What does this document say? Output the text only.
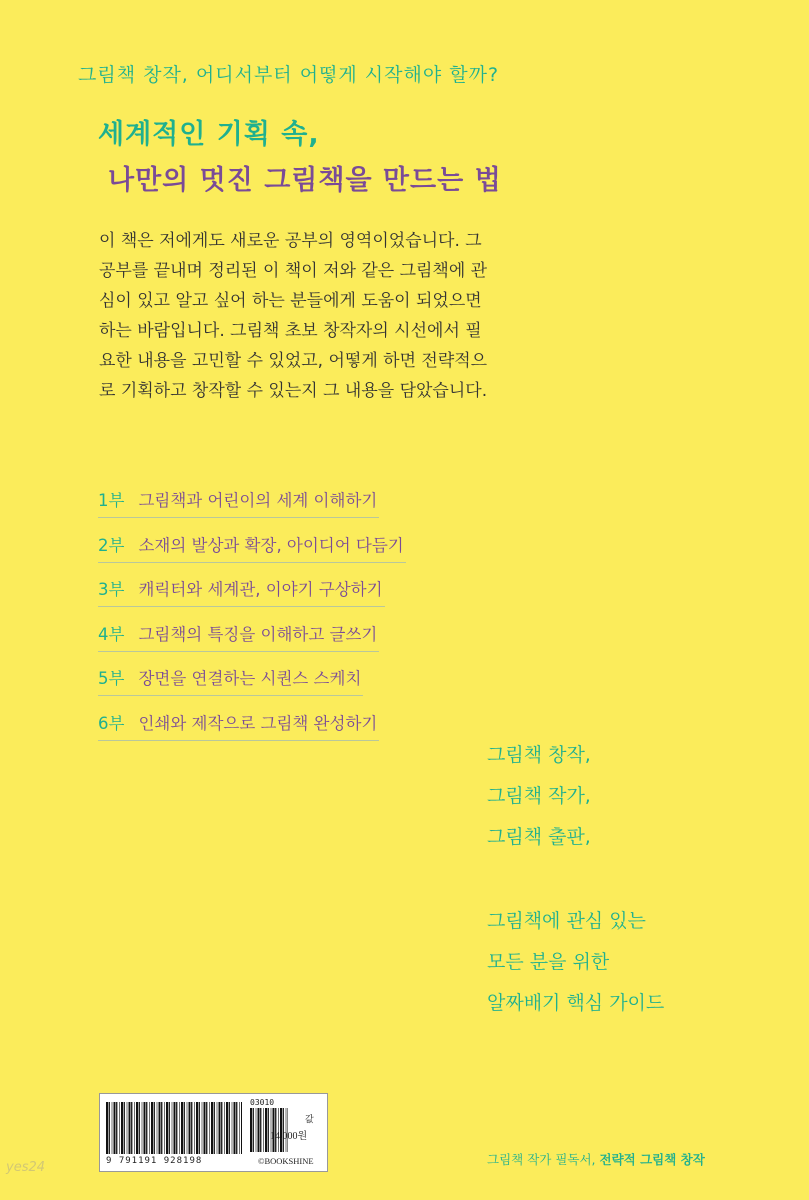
그림책 창작, 어디서부터 어떻게 시작해야 할까?
세계적인 기획 속,
나만의 멋진 그림책을 만드는 법

이 책은 저에게도 새로운 공부의 영역이었습니다. 그

공부를 끝내며 정리된 이 책이 저와 같은 그림책에 관

심이 있고 알고 싶어 하는 분들에게 도움이 되었으면

하는 바람입니다. 그림책 초보 창작자의 시선에서 필

요한 내용을 고민할 수 있었고, 어떻게 하면 전략적으

로 기획하고 창작할 수 있는지 그 내용을 담았습니다.

1부 그림책과 어린이의 세계 이해하기
2부 소재의 발상과 확장, 아이디어 다듬기
3부 캐릭터와 세계관, 이야기 구상하기
4부 그림책의 특징을 이해하고 글쓰기
5부 장면을 연결하는 시퀀스 스케치
6부 인쇄와 제작으로 그림책 완성하기

그림책 창작,

그림책 작가,

그림책 출판,

그림책에 관심 있는

모든 분을 위한

알짜배기 핵심 가이드

9 791191 928198
03010
값
14,000원
©BOOKSHINE	그림책 작가 필독서, 전략적 그림책 창작
yes24
